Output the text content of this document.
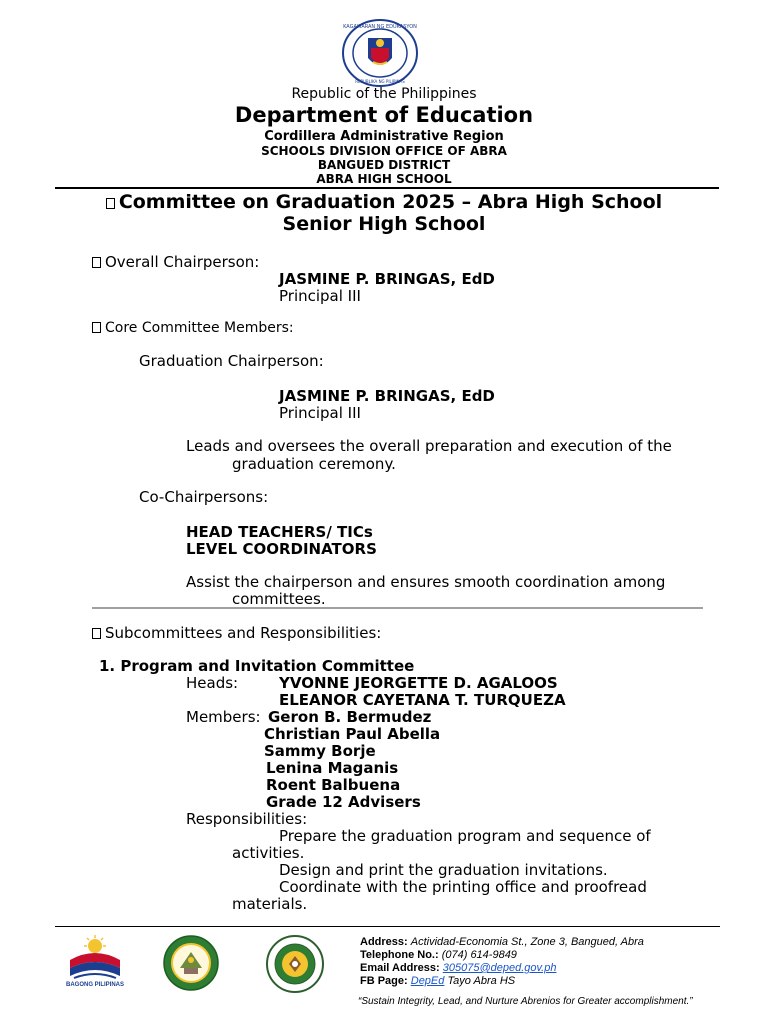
KAGAWARAN NG EDUKASYON
REPUBLIKA NG PILIPINAS
Republic of the Philippines
Department of Education
Cordillera Administrative Region
SCHOOLS DIVISION OFFICE OF ABRA
BANGUED DISTRICT
ABRA HIGH SCHOOL
Committee on Graduation 2025 – Abra High School
Senior High School
Overall Chairperson:
JASMINE P. BRINGAS, EdD
Principal III
Core Committee Members:
Graduation Chairperson:
JASMINE P. BRINGAS, EdD
Principal III
Leads and oversees the overall preparation and execution of the
graduation ceremony.
Co-Chairpersons:
HEAD TEACHERS/ TICs
LEVEL COORDINATORS
Assist the chairperson and ensures smooth coordination among
committees.
Subcommittees and Responsibilities:
1. Program and Invitation Committee
Heads:	YVONNE JEORGETTE D. AGALOOS
ELEANOR CAYETANA T. TURQUEZA
Members: Geron B. Bermudez
Christian Paul Abella
Sammy Borje
Lenina Maganis
Roent Balbuena
Grade 12 Advisers
Responsibilities:
Prepare the graduation program and sequence of
activities.
Design and print the graduation invitations.
Coordinate with the printing office and proofread
materials.
BAGONG PILIPINAS
Address: Actividad-Economia St., Zone 3, Bangued, Abra
Telephone No.: (074) 614-9849
Email Address: 305075@deped.gov.ph
FB Page: DepEd Tayo Abra HS
“Sustain Integrity, Lead, and Nurture Abrenios for Greater accomplishment.”
